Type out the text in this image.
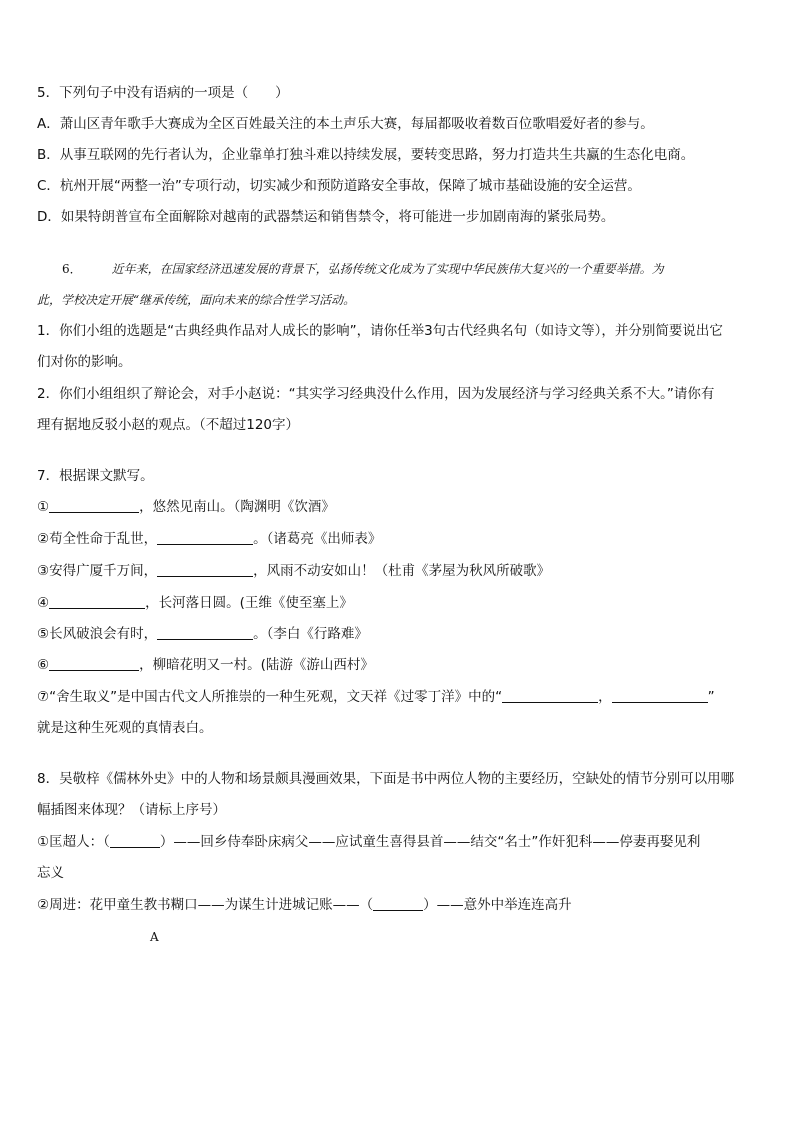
5．下列句子中没有语病的一项是（　　）
A．萧山区青年歌手大赛成为全区百姓最关注的本土声乐大赛，每届都吸收着数百位歌唱爱好者的参与。
B．从事互联网的先行者认为，企业靠单打独斗难以持续发展，要转变思路，努力打造共生共赢的生态化电商。
C．杭州开展“两整一治”专项行动，切实减少和预防道路安全事故，保障了城市基础设施的安全运营。
D．如果特朗普宣布全面解除对越南的武器禁运和销售禁令，将可能进一步加剧南海的紧张局势。
6．	近年来，在国家经济迅速发展的背景下，弘扬传统文化成为了实现中华民族伟大复兴的一个重要举措。为
此，学校决定开展“继承传统，面向未来的综合性学习活动。
1．你们小组的选题是“古典经典作品对人成长的影响”，请你任举3句古代经典名句（如诗文等），并分别简要说出它
们对你的影响。
2．你们小组组织了辩论会，对手小赵说：“其实学习经典没什么作用，因为发展经济与学习经典关系不大。”请你有
理有据地反驳小赵的观点。（不超过120字）
7．根据课文默写。
①	，悠然见南山。（陶渊明《饮酒》
②苟全性命于乱世，	。（诸葛亮《出师表》
③安得广厦千万间，	，风雨不动安如山！（杜甫《茅屋为秋风所破歌》
④	，长河落日圆。(王维《使至塞上》
⑤长风破浪会有时，	。（李白《行路难》
⑥	，柳暗花明又一村。(陆游《游山西村》
⑦“舍生取义”是中国古代文人所推崇的一种生死观，文天祥《过零丁洋》中的“	，	”
就是这种生死观的真情表白。
8．吴敬梓《儒林外史》中的人物和场景颇具漫画效果，下面是书中两位人物的主要经历，空缺处的情节分别可以用哪
幅插图来体现？（请标上序号）
①匡超人：（	）——回乡侍奉卧床病父——应试童生喜得县首——结交“名士”作奸犯科——停妻再娶见利
忘义
②周进：花甲童生教书糊口——为谋生计进城记账——（	）——意外中举连连高升
A
